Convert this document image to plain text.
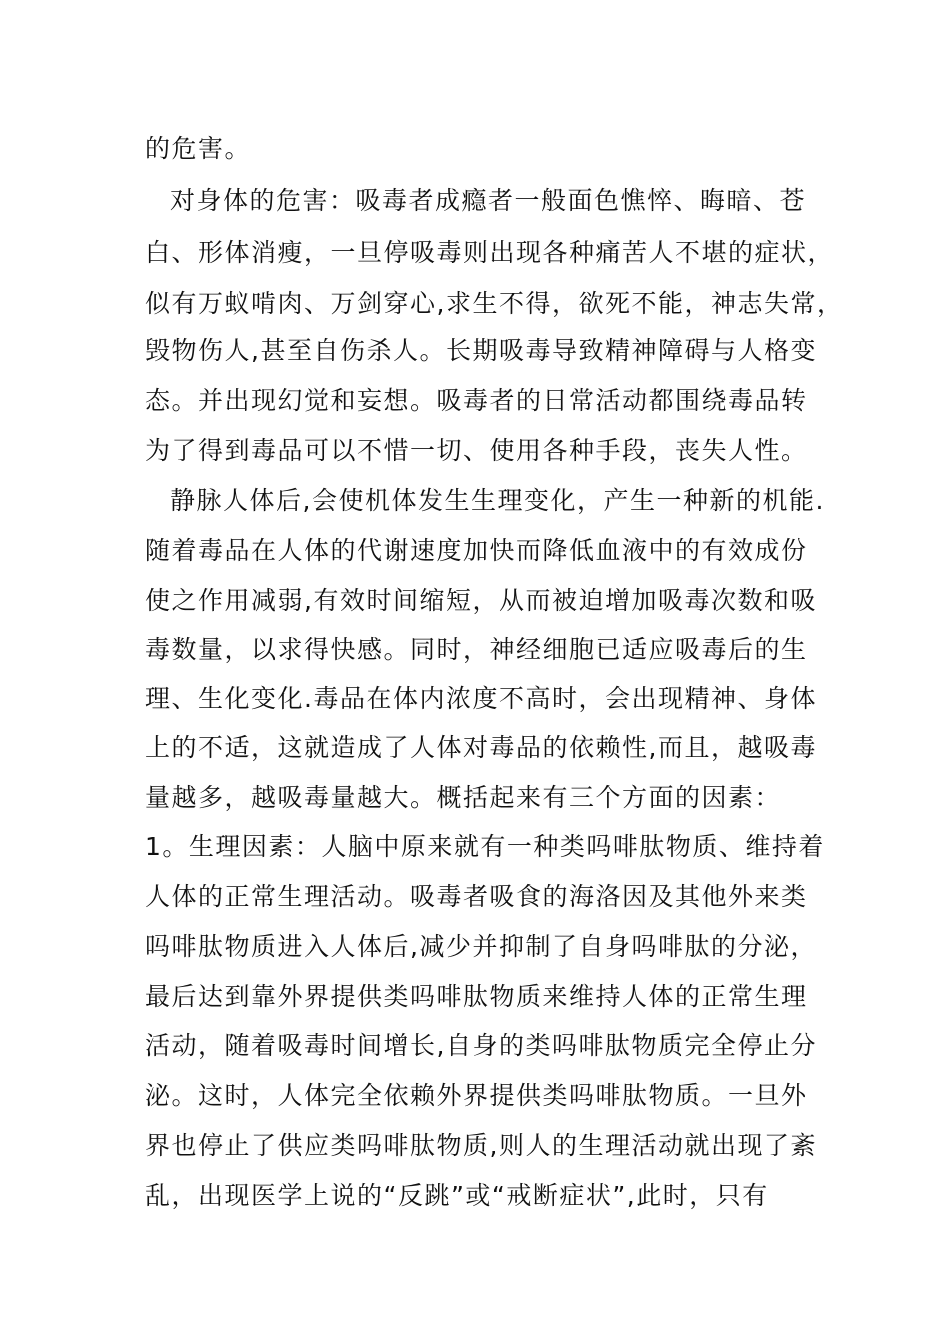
的危害。
对身体的危害：吸毒者成瘾者一般面色憔悴、晦暗、苍
白、形体消瘦，一旦停吸毒则出现各种痛苦人不堪的症状，
似有万蚁啃肉、万剑穿心,求生不得，欲死不能，神志失常，
毁物伤人,甚至自伤杀人。长期吸毒导致精神障碍与人格变
态。并出现幻觉和妄想。吸毒者的日常活动都围绕毒品转
为了得到毒品可以不惜一切、使用各种手段，丧失人性。
静脉人体后,会使机体发生生理变化，产生一种新的机能.
随着毒品在人体的代谢速度加快而降低血液中的有效成份
使之作用减弱,有效时间缩短，从而被迫增加吸毒次数和吸
毒数量，以求得快感。同时，神经细胞已适应吸毒后的生
理、生化变化.毒品在体内浓度不高时，会出现精神、身体
上的不适，这就造成了人体对毒品的依赖性,而且，越吸毒
量越多，越吸毒量越大。概括起来有三个方面的因素：
1。生理因素：人脑中原来就有一种类吗啡肽物质、维持着
人体的正常生理活动。吸毒者吸食的海洛因及其他外来类
吗啡肽物质进入人体后,减少并抑制了自身吗啡肽的分泌，
最后达到靠外界提供类吗啡肽物质来维持人体的正常生理
活动，随着吸毒时间增长,自身的类吗啡肽物质完全停止分
泌。这时，人体完全依赖外界提供类吗啡肽物质。一旦外
界也停止了供应类吗啡肽物质,则人的生理活动就出现了紊
乱，出现医学上说的“反跳”或“戒断症状”,此时，只有
